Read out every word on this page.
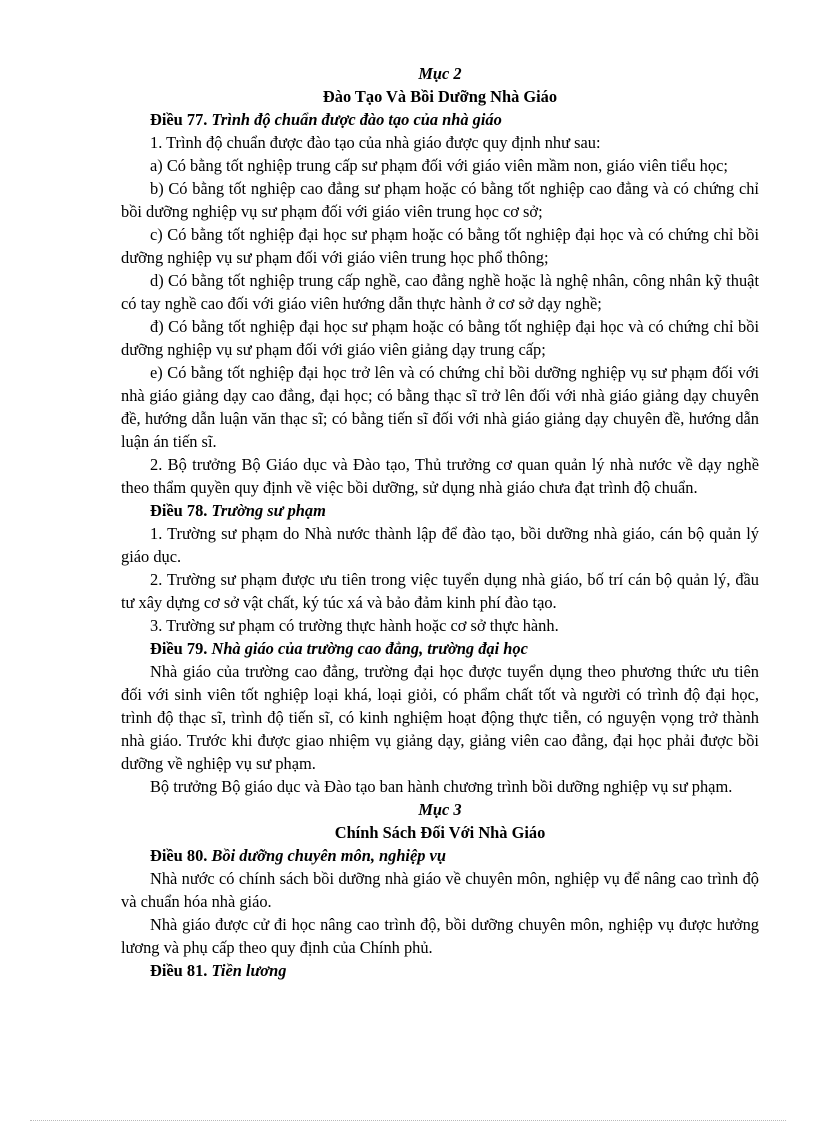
Mục 2
Đào Tạo Và Bồi Dưỡng Nhà Giáo
Điều 77. Trình độ chuẩn được đào tạo của nhà giáo
1. Trình độ chuẩn được đào tạo của nhà giáo được quy định như sau:
a) Có bằng tốt nghiệp trung cấp sư phạm đối với giáo viên mầm non, giáo viên tiểu học;
b) Có bằng tốt nghiệp cao đẳng sư phạm hoặc có bằng tốt nghiệp cao đẳng và có chứng chỉ bồi dưỡng nghiệp vụ sư phạm đối với giáo viên trung học cơ sở;
c) Có bằng tốt nghiệp đại học sư phạm hoặc có bằng tốt nghiệp đại học và có chứng chỉ bồi dưỡng nghiệp vụ sư phạm đối với giáo viên trung học phổ thông;
d) Có bằng tốt nghiệp trung cấp nghề, cao đẳng nghề hoặc là nghệ nhân, công nhân kỹ thuật có tay nghề cao đối với giáo viên hướng dẫn thực hành ở cơ sở dạy nghề;
đ) Có bằng tốt nghiệp đại học sư phạm hoặc có bằng tốt nghiệp đại học và có chứng chỉ bồi dưỡng nghiệp vụ sư phạm đối với giáo viên giảng dạy trung cấp;
e) Có bằng tốt nghiệp đại học trở lên và có chứng chỉ bồi dưỡng nghiệp vụ sư phạm đối với nhà giáo giảng dạy cao đẳng, đại học; có bằng thạc sĩ trở lên đối với nhà giáo giảng dạy chuyên đề, hướng dẫn luận văn thạc sĩ; có bằng tiến sĩ đối với nhà giáo giảng dạy chuyên đề, hướng dẫn luận án tiến sĩ.
2. Bộ trưởng Bộ Giáo dục và Đào tạo, Thủ trưởng cơ quan quản lý nhà nước về dạy nghề theo thẩm quyền quy định về việc bồi dưỡng, sử dụng nhà giáo chưa đạt trình độ chuẩn.
Điều 78. Trường sư phạm
1. Trường sư phạm do Nhà nước thành lập để đào tạo, bồi dưỡng nhà giáo, cán bộ quản lý giáo dục.
2. Trường sư phạm được ưu tiên trong việc tuyển dụng nhà giáo, bố trí cán bộ quản lý, đầu tư xây dựng cơ sở vật chất, ký túc xá và bảo đảm kinh phí đào tạo.
3. Trường sư phạm có trường thực hành hoặc cơ sở thực hành.
Điều 79. Nhà giáo của trường cao đẳng, trường đại học
Nhà giáo của trường cao đẳng, trường đại học được tuyển dụng theo phương thức ưu tiên đối với sinh viên tốt nghiệp loại khá, loại giỏi, có phẩm chất tốt và người có trình độ đại học, trình độ thạc sĩ, trình độ tiến sĩ, có kinh nghiệm hoạt động thực tiễn, có nguyện vọng trở thành nhà giáo. Trước khi được giao nhiệm vụ giảng dạy, giảng viên cao đẳng, đại học phải được bồi dưỡng về nghiệp vụ sư phạm.
Bộ trưởng Bộ giáo dục và Đào tạo ban hành chương trình bồi dưỡng nghiệp vụ sư phạm.
Mục 3
Chính Sách Đối Với Nhà Giáo
Điều 80. Bồi dưỡng chuyên môn, nghiệp vụ
Nhà nước có chính sách bồi dưỡng nhà giáo về chuyên môn, nghiệp vụ để nâng cao trình độ và chuẩn hóa nhà giáo.
Nhà giáo được cử đi học nâng cao trình độ, bồi dưỡng chuyên môn, nghiệp vụ được hưởng lương và phụ cấp theo quy định của Chính phủ.
Điều 81. Tiền lương
